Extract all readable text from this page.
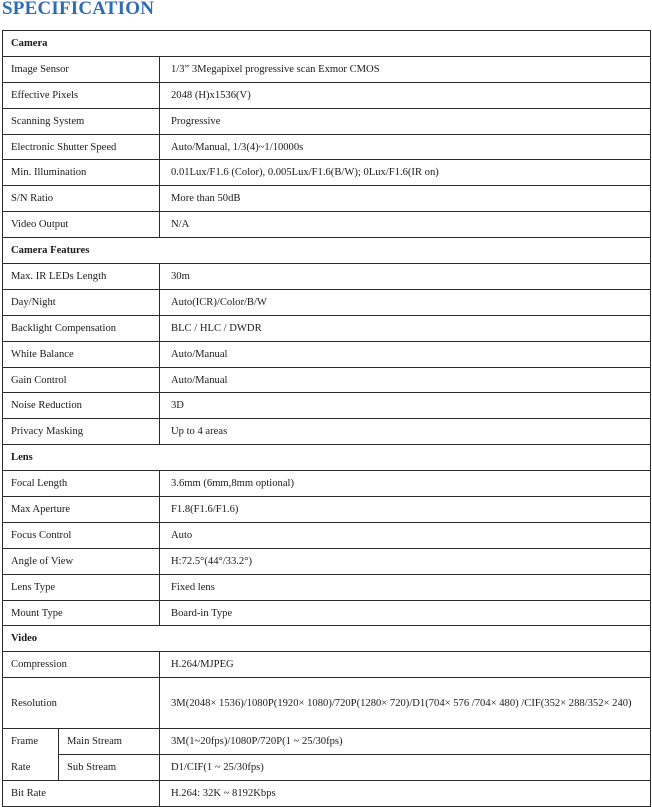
SPECIFICATION
Camera		
Image Sensor		1/3” 3Megapixel progressive scan Exmor CMOS
Effective Pixels		2048 (H)x1536(V)
Scanning System		Progressive
Electronic Shutter Speed		Auto/Manual, 1/3(4)~1/10000s
Min. Illumination		0.01Lux/F1.6 (Color), 0.005Lux/F1.6(B/W); 0Lux/F1.6(IR on)
S/N Ratio		More than 50dB
Video Output		N/A
Camera Features		
Max. IR LEDs Length		30m
Day/Night		Auto(ICR)/Color/B/W
Backlight Compensation		BLC / HLC / DWDR
White Balance		Auto/Manual
Gain Control		Auto/Manual
Noise Reduction		3D
Privacy Masking		Up to 4 areas
Lens		
Focal Length		3.6mm (6mm,8mm optional)
Max Aperture		F1.8(F1.6/F1.6)
Focus Control		Auto
Angle of View		H:72.5°(44°/33.2°)
Lens Type		Fixed lens
Mount Type		Board-in Type
Video		
Compression		H.264/MJPEG
Resolution		3M(2048× 1536)/1080P(1920× 1080)/720P(1280× 720)/D1(704× 576 /704× 480) /CIF(352× 288/352× 240)
Frame	Main Stream	3M(1~20fps)/1080P/720P(1 ~ 25/30fps)
Rate	Sub Stream	D1/CIF(1 ~ 25/30fps)
Bit Rate		H.264: 32K ~ 8192Kbps
